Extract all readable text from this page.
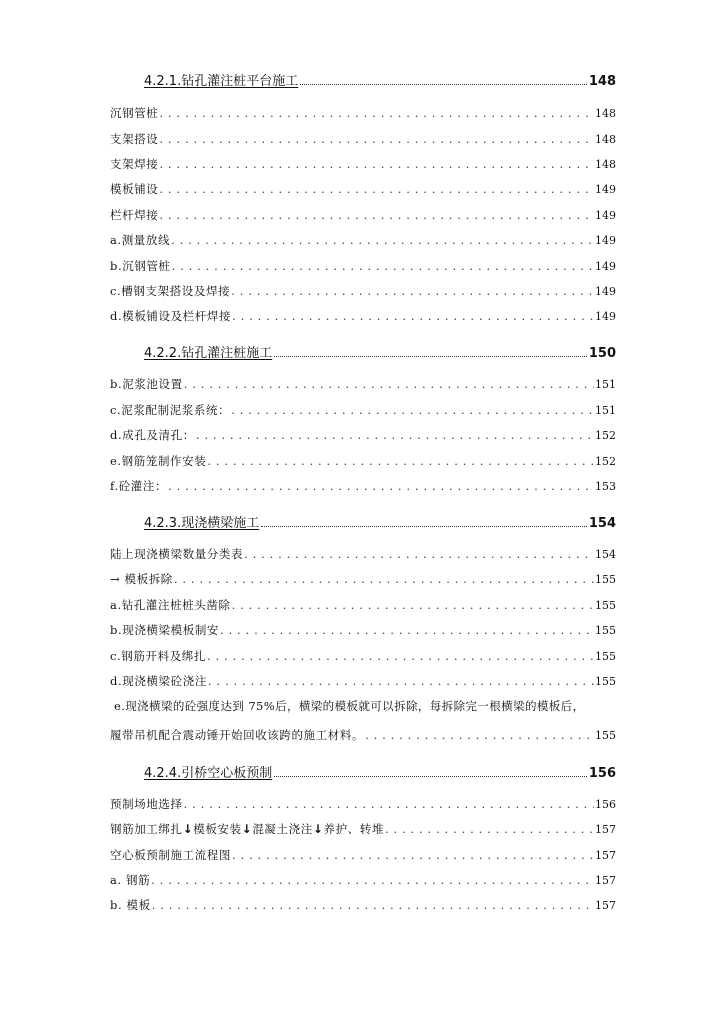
4.2.1.钻孔灌注桩平台施工	148
沉钢管桩 . . .	148
支架搭设 . . .	148
支架焊接 . . .	148
模板铺设 . . .	149
栏杆焊接 . . .	149
a.测量放线 . . .	149
b.沉钢管桩 . . .	149
c.槽钢支架搭设及焊接 . . .	149
d.模板铺设及栏杆焊接 . . .	149
4.2.2.钻孔灌注桩施工	150
b.泥浆池设置 . . .	151
c.泥浆配制泥浆系统： . . .	151
d.成孔及清孔： . . .	152
e.钢筋笼制作安装 . . .	152
f.砼灌注： . . .	153
4.2.3.现浇横梁施工	154
陆上现浇横梁数量分类表 . . .	154
→ 模板拆除 . . .	155
a.钻孔灌注桩桩头凿除 . . .	155
b.现浇横梁模板制安 . . .	155
c.钢筋开料及绑扎 . . .	155
d.现浇横梁砼浇注 . . .	155
e.现浇横梁的砼强度达到 75%后，横梁的模板就可以拆除，每拆除完一根横梁的模板后，
履带吊机配合震动锤开始回收该跨的施工材料。 . . .	155
4.2.4.引桥空心板预制	156
预制场地选择 . . .	156
钢筋加工绑扎↓模板安装↓混凝土浇注↓养护、转堆 . . .	157
空心板预制施工流程图 . . .	157
a. 钢筋 . . .	157
b. 模板 . . .	157
